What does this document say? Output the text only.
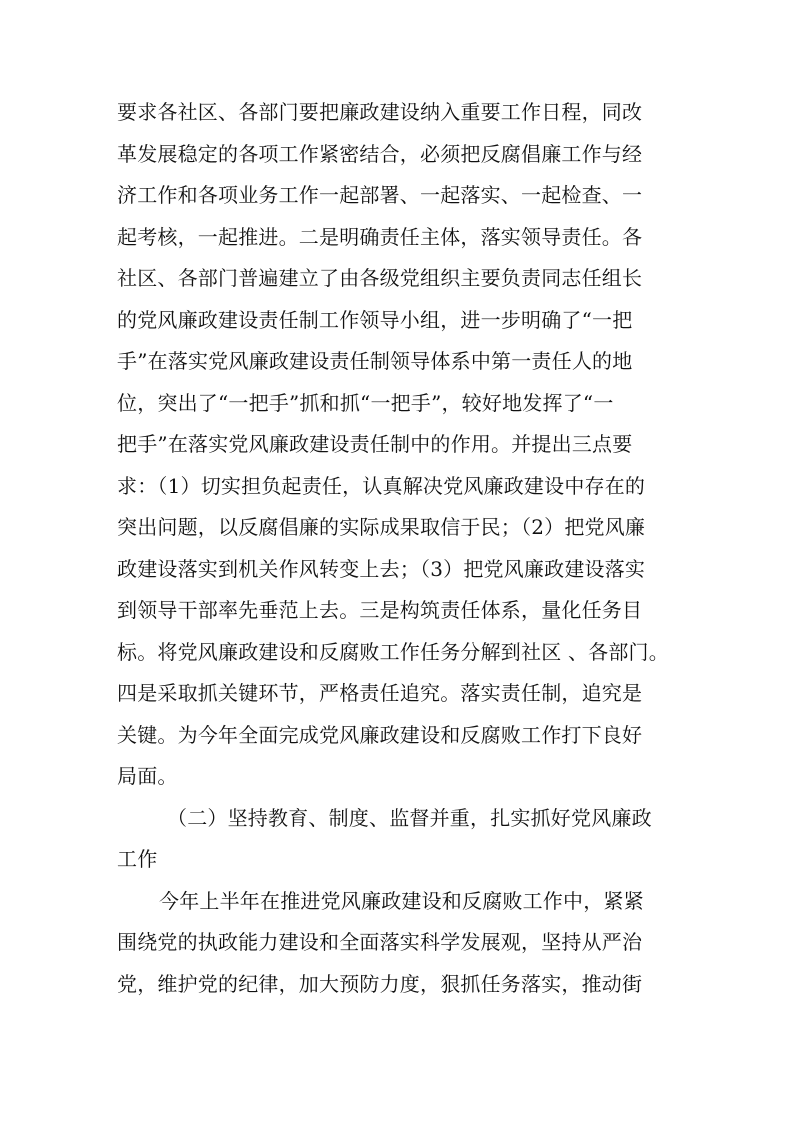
要求各社区、各部门要把廉政建设纳入重要工作日程，同改
革发展稳定的各项工作紧密结合，必须把反腐倡廉工作与经
济工作和各项业务工作一起部署、一起落实、一起检查、一
起考核，一起推进。二是明确责任主体，落实领导责任。各
社区、各部门普遍建立了由各级党组织主要负责同志任组长
的党风廉政建设责任制工作领导小组，进一步明确了“一把
手”在落实党风廉政建设责任制领导体系中第一责任人的地
位，突出了“一把手”抓和抓“一把手”，较好地发挥了“一
把手”在落实党风廉政建设责任制中的作用。并提出三点要
求：（1）切实担负起责任，认真解决党风廉政建设中存在的
突出问题，以反腐倡廉的实际成果取信于民；（2）把党风廉
政建设落实到机关作风转变上去；（3）把党风廉政建设落实
到领导干部率先垂范上去。三是构筑责任体系，量化任务目
标。将党风廉政建设和反腐败工作任务分解到社区 、各部门。
四是采取抓关键环节，严格责任追究。落实责任制，追究是
关键。为今年全面完成党风廉政建设和反腐败工作打下良好
局面。
（二）坚持教育、制度、监督并重，扎实抓好党风廉政
工作
今年上半年在推进党风廉政建设和反腐败工作中，紧紧
围绕党的执政能力建设和全面落实科学发展观，坚持从严治
党，维护党的纪律，加大预防力度，狠抓任务落实，推动街
